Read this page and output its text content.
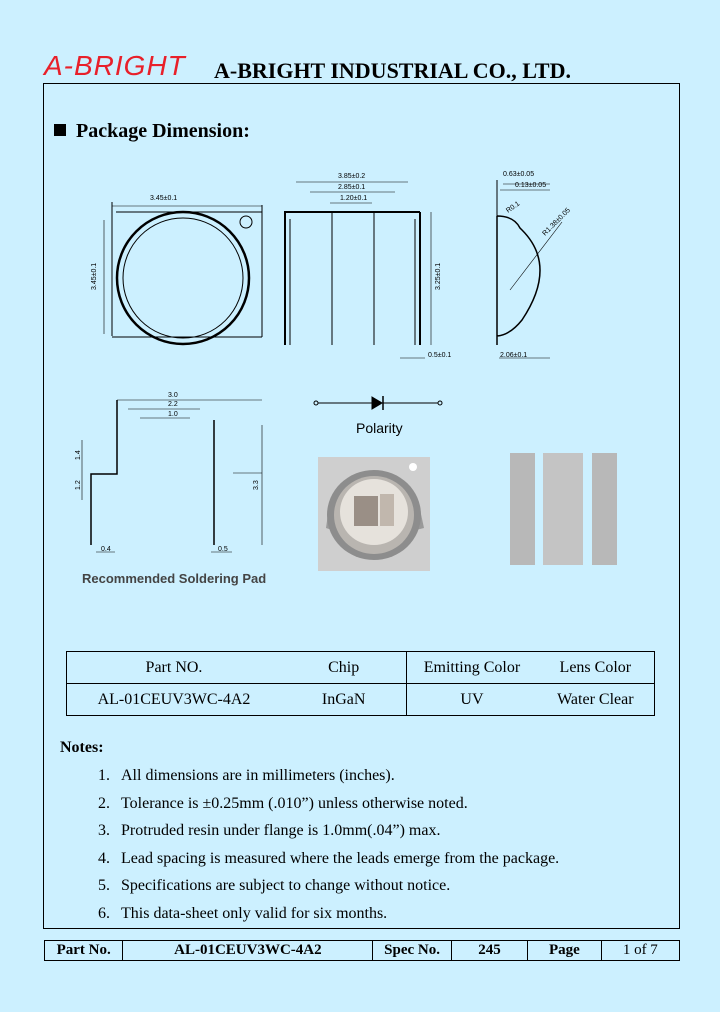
A-BRIGHT A-BRIGHT INDUSTRIAL CO., LTD.
Package Dimension:
3.45±0.1
3.45±0.1
3.85±0.2
2.85±0.1
1.20±0.1
3.25±0.1
0.5±0.1
0.63±0.05
0.13±0.05
R0.1	R1.38±0.05
2.06±0.1
3.0
2.2
1.0
1.4
1.2	3.3
0.4	0.5
Polarity
Recommended Soldering Pad
Part NO.	Chip	Emitting Color	Lens Color
AL-01CEUV3WC-4A2	InGaN	UV	Water Clear
Notes:
1. All dimensions are in millimeters (inches).
2. Tolerance is ±0.25mm (.010”) unless otherwise noted.
3. Protruded resin under flange is 1.0mm(.04”) max.
4. Lead spacing is measured where the leads emerge from the package.
5. Specifications are subject to change without notice.
6. This data-sheet only valid for six months.
Part No.	AL-01CEUV3WC-4A2	Spec No.	245	Page	1 of 7
